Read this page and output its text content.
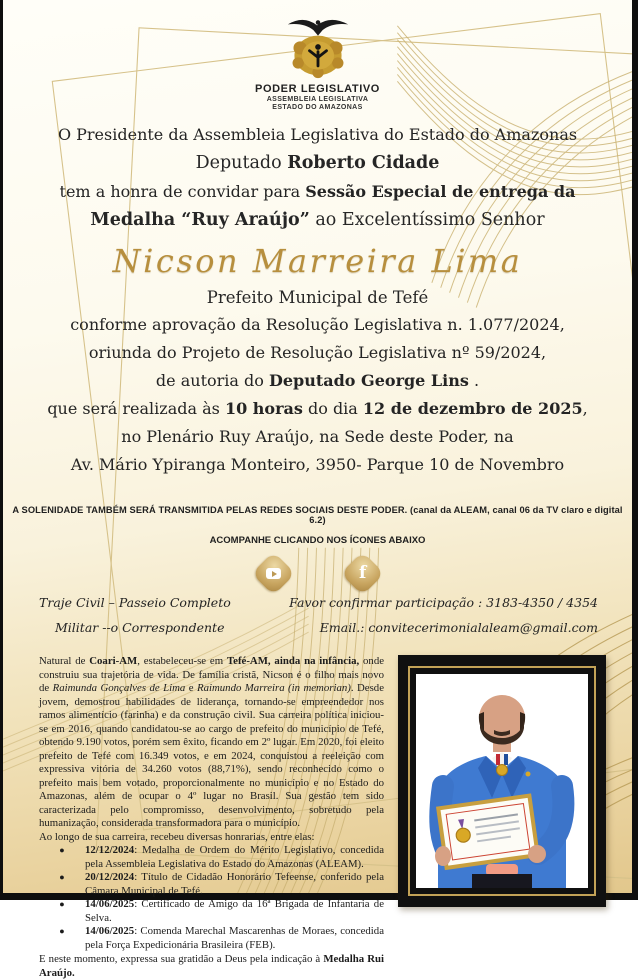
PODER LEGISLATIVO
ASSEMBLEIA LEGISLATIVA
ESTADO DO AMAZONAS

O Presidente da Assembleia Legislativa do Estado do Amazonas

Deputado Roberto Cidade

tem a honra de convidar para Sessão Especial de entrega da

Medalha “Ruy Araújo” ao Excelentíssimo Senhor

Nicson Marreira Lima

Prefeito Municipal de Tefé

conforme aprovação da Resolução Legislativa n. 1.077/2024,

oriunda do Projeto de Resolução Legislativa nº 59/2024,

de autoria do Deputado George Lins .

que será realizada às 10 horas do dia 12 de dezembro de 2025,

no Plenário Ruy Araújo, na Sede deste Poder, na

Av. Mário Ypiranga Monteiro, 3950- Parque 10 de Novembro

A SOLENIDADE TAMBÉM SERÁ TRANSMITIDA PELAS REDES SOCIAIS DESTE PODER. (canal da ALEAM, canal 06 da TV claro e digital 6.2)

ACOMPANHE CLICANDO NOS ÍCONES ABAIXO

f

Traje Civil – Passeio Completo

Militar --o Correspondente

Favor confirmar participação : 3183-4350 / 4354

Email.: convitecerimonialaleam@gmail.com

Natural de Coari-AM, estabeleceu-se em Tefé-AM, ainda na infância, onde construiu sua trajetória de vida. De família cristã, Nicson é o filho mais novo de Raimunda Gonçalves de Lima e Raimundo Marreira (in memorian). Desde jovem, demostrou habilidades de liderança, tornando-se empreendedor nos ramos alimentício (farinha) e da construção civil. Sua carreira política iniciou-se em 2016, quando candidatou-se ao cargo de prefeito do município de Tefé, obtendo 9.190 votos, porém sem êxito, ficando em 2º lugar. Em 2020, foi eleito prefeito de Tefé com 16.349 votos, e em 2024, conquistou a reeleição com expressiva vitória de 34.260 votos (88,71%), sendo reconhecido como o prefeito mais bem votado, proporcionalmente no município e no Estado do Amazonas, além de ocupar o 4º lugar no Brasil. Sua gestão tem sido caracterizada pelo compromisso, desenvolvimento, sobretudo pela humanização, considerada transformadora para o município.

Ao longo de sua carreira, recebeu diversas honrarias, entre elas:

●	12/12/2024: Medalha de Ordem do Mérito Legislativo, concedida pela Assembleia Legislativa do Estado do Amazonas (ALEAM).

●	20/12/2024: Título de Cidadão Honorário Tefeense, conferido pela Câmara Municipal de Tefé.

●	14/06/2025: Certificado de Amigo da 16ª Brigada de Infantaria de Selva.

●	14/06/2025: Comenda Marechal Mascarenhas de Moraes, concedida pela Força Expedicionária Brasileira (FEB).

E neste momento, expressa sua gratidão a Deus pela indicação à Medalha Rui Araújo.
